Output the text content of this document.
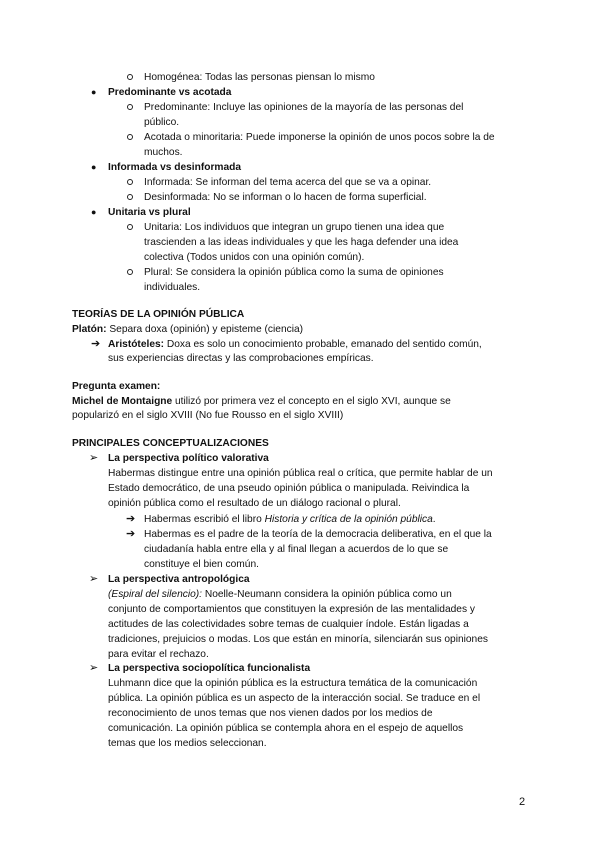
Homogénea: Todas las personas piensan lo mismo
● Predominante vs acotada
Predominante: Incluye las opiniones de la mayoría de las personas del
público.
Acotada o minoritaria: Puede imponerse la opinión de unos pocos sobre la de
muchos.
● Informada vs desinformada
Informada: Se informan del tema acerca del que se va a opinar.
Desinformada: No se informan o lo hacen de forma superficial.
● Unitaria vs plural
Unitaria: Los individuos que integran un grupo tienen una idea que
trascienden a las ideas individuales y que les haga defender una idea
colectiva (Todos unidos con una opinión común).
Plural: Se considera la opinión pública como la suma de opiniones
individuales.
TEORÍAS DE LA OPINIÓN PÚBLICA
Platón: Separa doxa (opinión) y episteme (ciencia)
➔ Aristóteles: Doxa es solo un conocimiento probable, emanado del sentido común,
sus experiencias directas y las comprobaciones empíricas.
Pregunta examen:
Michel de Montaigne utilizó por primera vez el concepto en el siglo XVI, aunque se
popularizó en el siglo XVIII (No fue Rousso en el siglo XVIII)
PRINCIPALES CONCEPTUALIZACIONES
➢ La perspectiva político valorativa
Habermas distingue entre una opinión pública real o crítica, que permite hablar de un
Estado democrático, de una pseudo opinión pública o manipulada. Reivindica la
opinión pública como el resultado de un diálogo racional o plural.
➔ Habermas escribió el libro Historia y crítica de la opinión pública.
➔ Habermas es el padre de la teoría de la democracia deliberativa, en el que la
ciudadanía habla entre ella y al final llegan a acuerdos de lo que se
constituye el bien común.
➢ La perspectiva antropológica
(Espiral del silencio): Noelle-Neumann considera la opinión pública como un
conjunto de comportamientos que constituyen la expresión de las mentalidades y
actitudes de las colectividades sobre temas de cualquier índole. Están ligadas a
tradiciones, prejuicios o modas. Los que están en minoría, silenciarán sus opiniones
para evitar el rechazo.
➢ La perspectiva sociopolítica funcionalista
Luhmann dice que la opinión pública es la estructura temática de la comunicación
pública. La opinión pública es un aspecto de la interacción social. Se traduce en el
reconocimiento de unos temas que nos vienen dados por los medios de
comunicación. La opinión pública se contempla ahora en el espejo de aquellos
temas que los medios seleccionan.
2
